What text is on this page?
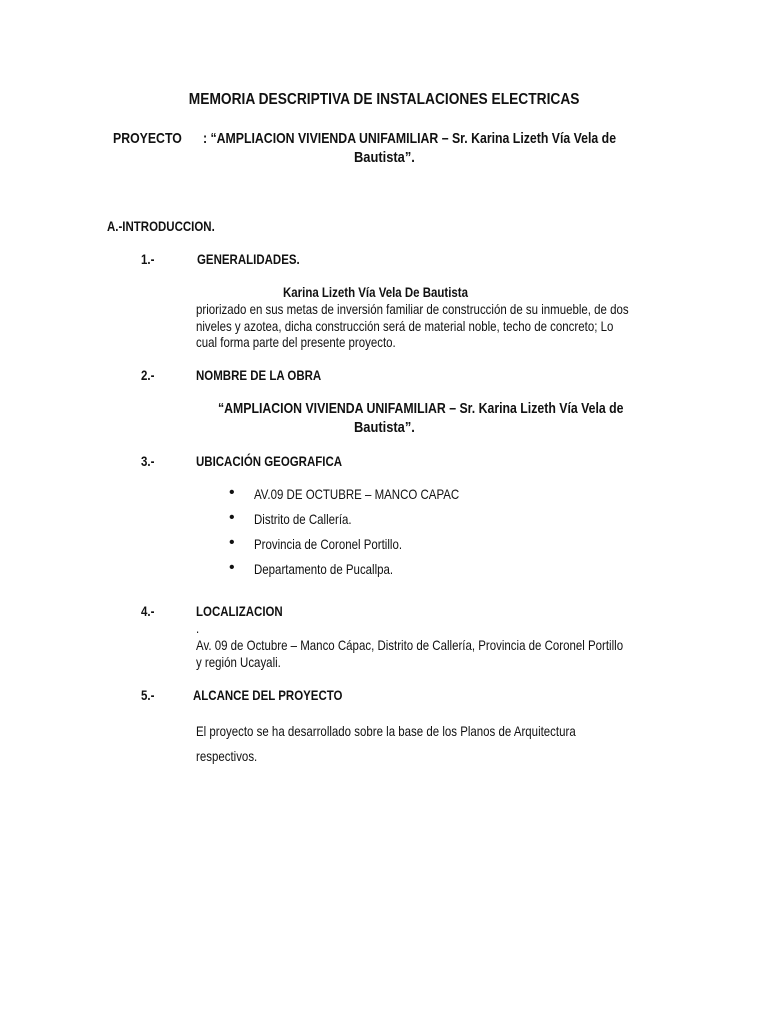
MEMORIA DESCRIPTIVA DE INSTALACIONES ELECTRICAS
PROYECTO : “AMPLIACION VIVIENDA UNIFAMILIAR – Sr. Karina Lizeth Vía Vela de
Bautista”.
A.-INTRODUCCION.
1.-	GENERALIDADES.
Karina Lizeth Vía Vela De Bautista
priorizado en sus metas de inversión familiar de construcción de su inmueble, de dos
niveles y azotea, dicha construcción será de material noble, techo de concreto; Lo
cual forma parte del presente proyecto.
2.-	NOMBRE DE LA OBRA
“AMPLIACION VIVIENDA UNIFAMILIAR – Sr. Karina Lizeth Vía Vela de
Bautista”.
3.-	UBICACIÓN GEOGRAFICA
• AV.09 DE OCTUBRE – MANCO CAPAC
• Distrito de Callería.
• Provincia de Coronel Portillo.
• Departamento de Pucallpa.
4.-	LOCALIZACION
.
Av. 09 de Octubre – Manco Cápac, Distrito de Callería, Provincia de Coronel Portillo
y región Ucayali.
5.-	ALCANCE DEL PROYECTO
El proyecto se ha desarrollado sobre la base de los Planos de Arquitectura
respectivos.
